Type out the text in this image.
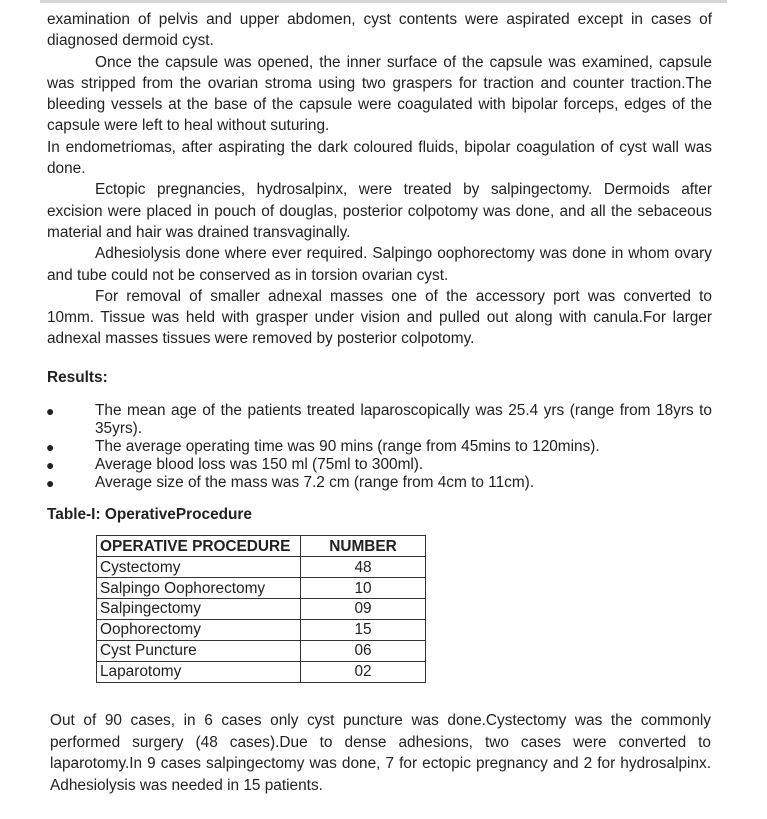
examination of pelvis and upper abdomen, cyst contents were aspirated except in cases of diagnosed dermoid cyst.

Once the capsule was opened, the inner surface of the capsule was examined, capsule was stripped from the ovarian stroma using two graspers for traction and counter traction.The bleeding vessels at the base of the capsule were coagulated with bipolar forceps, edges of the capsule were left to heal without suturing.

In endometriomas, after aspirating the dark coloured fluids, bipolar coagulation of cyst wall was done.

Ectopic pregnancies, hydrosalpinx, were treated by salpingectomy. Dermoids after excision were placed in pouch of douglas, posterior colpotomy was done, and all the sebaceous material and hair was drained transvaginally.

Adhesiolysis done where ever required. Salpingo oophorectomy was done in whom ovary and tube could not be conserved as in torsion ovarian cyst.

For removal of smaller adnexal masses one of the accessory port was converted to 10mm. Tissue was held with grasper under vision and pulled out along with canula.For larger adnexal masses tissues were removed by posterior colpotomy.

Results:
●	The mean age of the patients treated laparoscopically was 25.4 yrs (range from 18yrs to 35yrs).
●	The average operating time was 90 mins (range from 45mins to 120mins).
●	Average blood loss was 150 ml (75ml to 300ml).
●	Average size of the mass was 7.2 cm (range from 4cm to 11cm).
Table-I: OperativeProcedure
OPERATIVE PROCEDURE	NUMBER
Cystectomy	48
Salpingo Oophorectomy	10
Salpingectomy	09
Oophorectomy	15
Cyst Puncture	06
Laparotomy	02

Out of 90 cases, in 6 cases only cyst puncture was done.Cystectomy was the commonly performed surgery (48 cases).Due to dense adhesions, two cases were converted to laparotomy.In 9 cases salpingectomy was done, 7 for ectopic pregnancy and 2 for hydrosalpinx. Adhesiolysis was needed in 15 patients.
